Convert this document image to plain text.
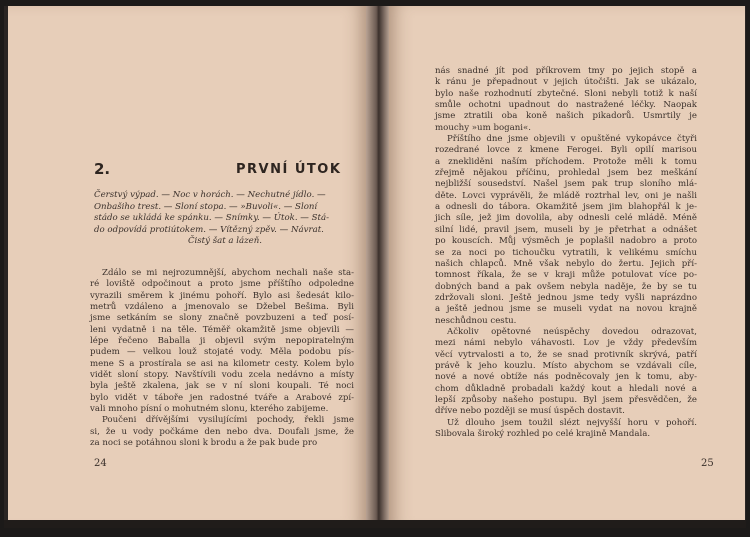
2.	PRVNÍ ÚTOK

Čerstvý výpad. — Noc v horách. — Nechutné jídlo. —

Onbašiho trest. — Sloní stopa. — »Buvoli«. — Sloní

stádo se ukládá ke spánku. — Snímky. — Útok. — Stá-

do odpovídá protiútokem. — Vítězný zpěv. — Návrat.

Čistý šat a lázeň.

Zdálo se mi nejrozumnější, abychom nechali naše sta-

ré loviště odpočinout a proto jsme příštího odpoledne

vyrazili směrem k jinému pohoří. Bylo asi šedesát kilo-

metrů vzdáleno a jmenovalo se Džebel Bešima. Byli

jsme setkáním se slony značně povzbuzeni a teď posí-

leni vydatně i na těle. Téměř okamžitě jsme objevili —

lépe řečeno Baballa ji objevil svým nepopiratelným

pudem — velkou louž stojaté vody. Měla podobu pís-

mene S a prostírala se asi na kilometr cesty. Kolem bylo

vidět sloní stopy. Navštívili vodu zcela nedávno a místy

byla ještě zkalena, jak se v ní sloni koupali. Té noci

bylo vidět v táboře jen radostné tváře a Arabové zpí-

vali mnoho písní o mohutném slonu, kterého zabijeme.

Poučeni dřívějšími vysilujícími pochody, řekli jsme

si, že u vody počkáme den nebo dva. Doufali jsme, že

za noci se potáhnou sloni k brodu a že pak bude pro

24

nás snadné jít pod příkrovem tmy po jejich stopě a

k ránu je přepadnout v jejich útočišti. Jak se ukázalo,

bylo naše rozhodnutí zbytečné. Sloni nebyli totiž k naší

smůle ochotni upadnout do nastražené léčky. Naopak

jsme ztratili oba koně našich pikadorů. Usmrtily je

mouchy »um bogani«.

Příštího dne jsme objevili v opuštěné vykopávce čtyři

rozedrané lovce z kmene Ferogei. Byli opilí marisou

a znekliděni naším příchodem. Protože měli k tomu

zřejmě nějakou příčinu, prohledal jsem bez meškání

nejbližší sousedství. Našel jsem pak trup sloního mlá-

děte. Lovci vyprávěli, že mládě roztrhal lev, oni je našli

a odnesli do tábora. Okamžitě jsem jim blahopřál k je-

jich síle, jež jim dovolila, aby odnesli celé mládě. Méně

silní lidé, pravil jsem, museli by je přetrhat a odnášet

po kouscích. Můj výsměch je poplašil nadobro a proto

se za noci po tichoučku vytratili, k velikému smíchu

našich chlapců. Mně však nebylo do žertu. Jejich pří-

tomnost říkala, že se v kraji může potulovat více po-

dobných band a pak ovšem nebyla naděje, že by se tu

zdržovali sloni. Ještě jednou jsme tedy vyšli naprázdno

a ještě jednou jsme se museli vydat na novou krajně

neschůdnou cestu.

Ačkoliv opětovné neúspěchy dovedou odrazovat,

mezi námi nebylo váhavosti. Lov je vždy především

věcí vytrvalosti a to, že se snad protivník skrývá, patří

právě k jeho kouzlu. Místo abychom se vzdávali cíle,

nové a nové obtíže nás podněcovaly jen k tomu, aby-

chom důkladně probadali každý kout a hledali nové a

lepší způsoby našeho postupu. Byl jsem přesvědčen, že

dříve nebo později se musí úspěch dostavit.

Už dlouho jsem toužil slézt nejvyšší horu v pohoří.

Slibovala široký rozhled po celé krajině Mandala.

25
